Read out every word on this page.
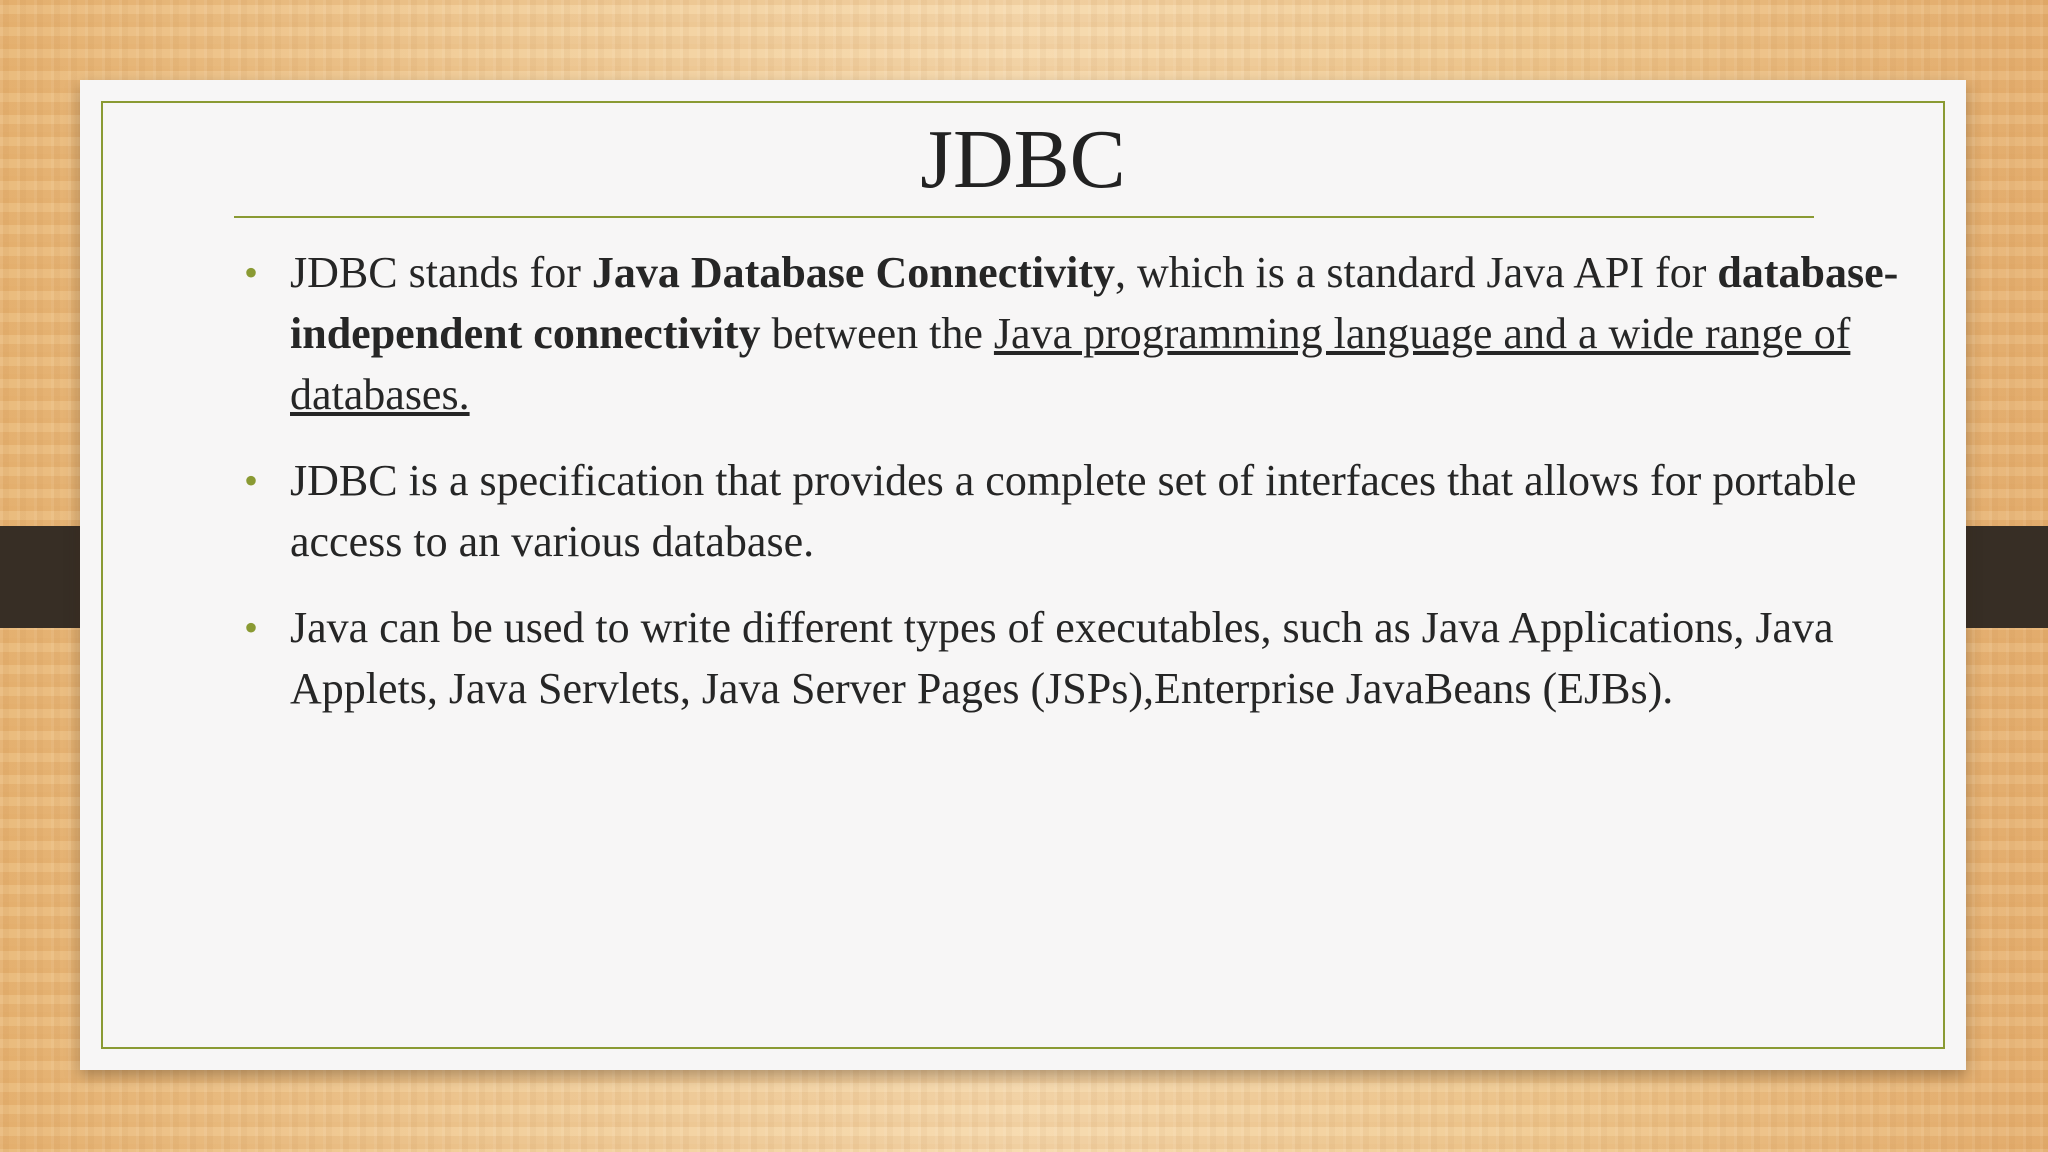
JDBC
• JDBC stands for Java Database Connectivity, which is a standard Java API for database-independent connectivity between the Java programming language and a wide range of databases.
• JDBC is a specification that provides a complete set of interfaces that allows for portable access to an various database.
• Java can be used to write different types of executables, such as Java Applications, Java Applets, Java Servlets, Java Server Pages (JSPs),Enterprise JavaBeans (EJBs).
